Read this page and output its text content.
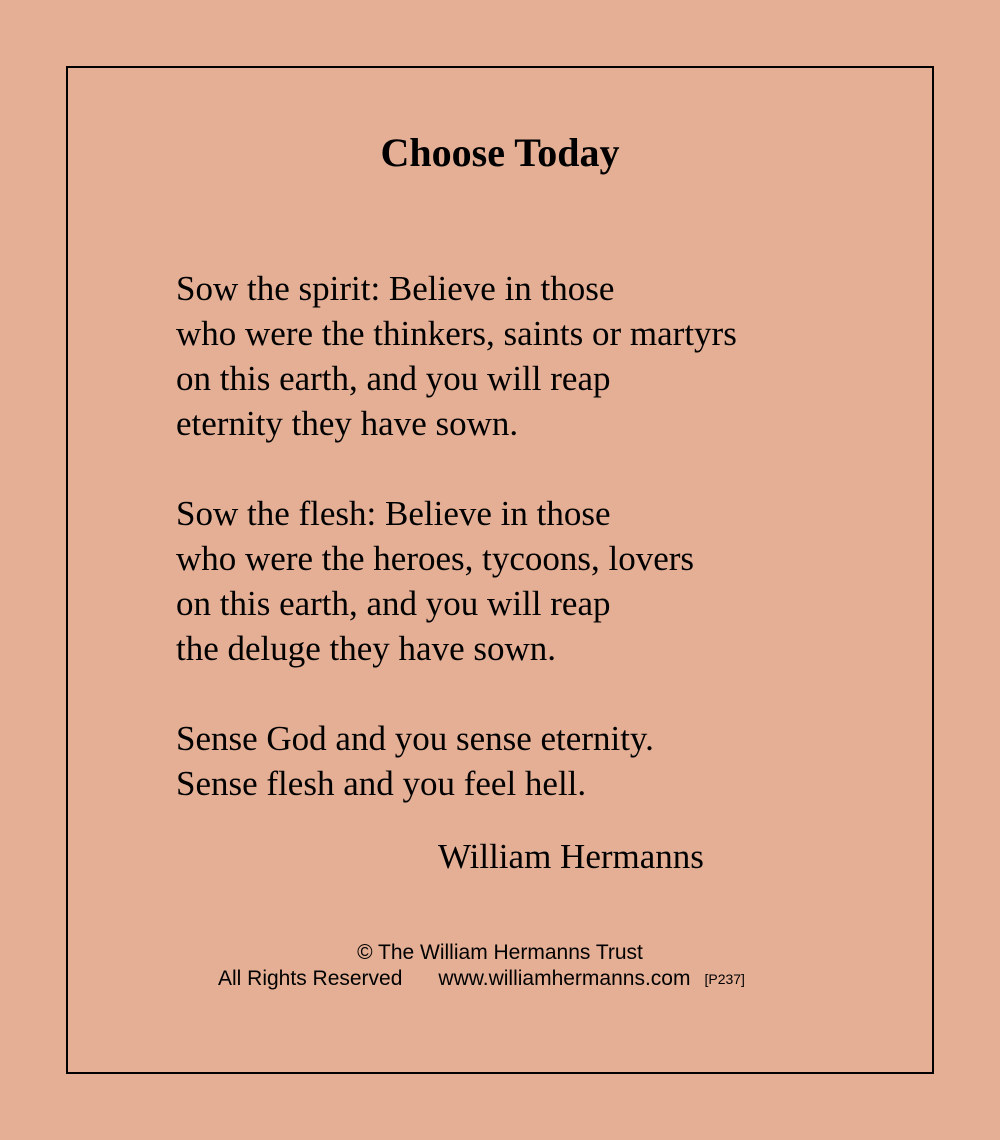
Choose Today

Sow the spirit: Believe in those
who were the thinkers, saints or martyrs
on this earth, and you will reap
eternity they have sown.

Sow the flesh: Believe in those
who were the heroes, tycoons, lovers
on this earth, and you will reap
the deluge they have sown.

Sense God and you sense eternity.
Sense flesh and you feel hell.

William Hermanns
© The William Hermanns Trust
All Rights Reserved www.williamhermanns.com [P237]
